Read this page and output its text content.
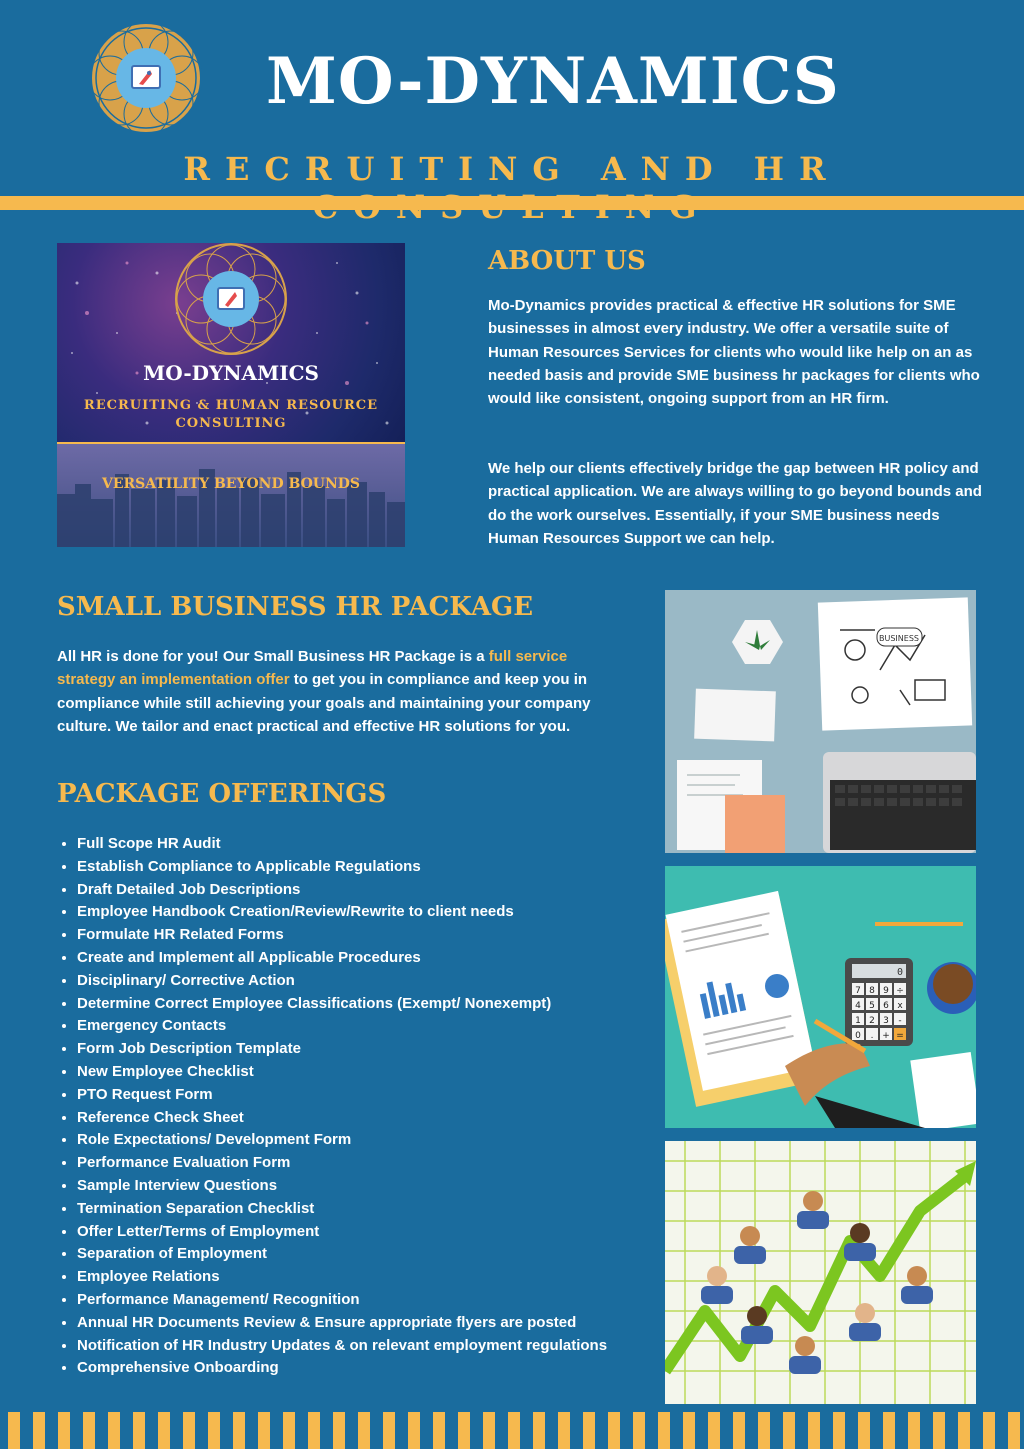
MO-DYNAMICS
RECRUITING AND HR
MO-DYNAMICS
RECRUITING & HUMAN RESOURCE
CONSULTING
VERSATILITY BEYOND BOUNDS
ABOUT US

Mo-Dynamics provides practical & effective HR solutions for SME businesses in almost every industry. We offer a versatile suite of Human Resources Services for clients who would like help on an as needed basis and provide SME business hr packages for clients who would like consistent, ongoing support from an HR firm.

We help our clients effectively bridge the gap between HR policy and practical application. We are always willing to go beyond bounds and do the work ourselves. Essentially, if your SME business needs Human Resources Support we can help.

SMALL BUSINESS HR PACKAGE

All HR is done for you! Our Small Business HR Package is a full service strategy an implementation offer to get you in compliance and keep you in compliance while still achieving your goals and maintaining your company culture. We tailor and enact practical and effective HR solutions for you.

PACKAGE OFFERINGS
• Full Scope HR Audit
• Establish Compliance to Applicable Regulations
• Draft Detailed Job Descriptions
• Employee Handbook Creation/Review/Rewrite to client needs
• Formulate HR Related Forms
• Create and Implement all Applicable Procedures
• Disciplinary/ Corrective Action
• Determine Correct Employee Classifications (Exempt/ Nonexempt)
• Emergency Contacts
• Form Job Description Template
• New Employee Checklist
• PTO Request Form
• Reference Check Sheet
• Role Expectations/ Development Form
• Performance Evaluation Form
• Sample Interview Questions
• Termination Separation Checklist
• Offer Letter/Terms of Employment
• Separation of Employment
• Employee Relations
• Performance Management/ Recognition
• Annual HR Documents Review & Ensure appropriate flyers are posted
• Notification of HR Industry Updates & on relevant employment regulations
• Comprehensive Onboarding
BUSINESS
0
7 8 9 ÷
4 5 6 x
1 2 3 -
0 . + =
